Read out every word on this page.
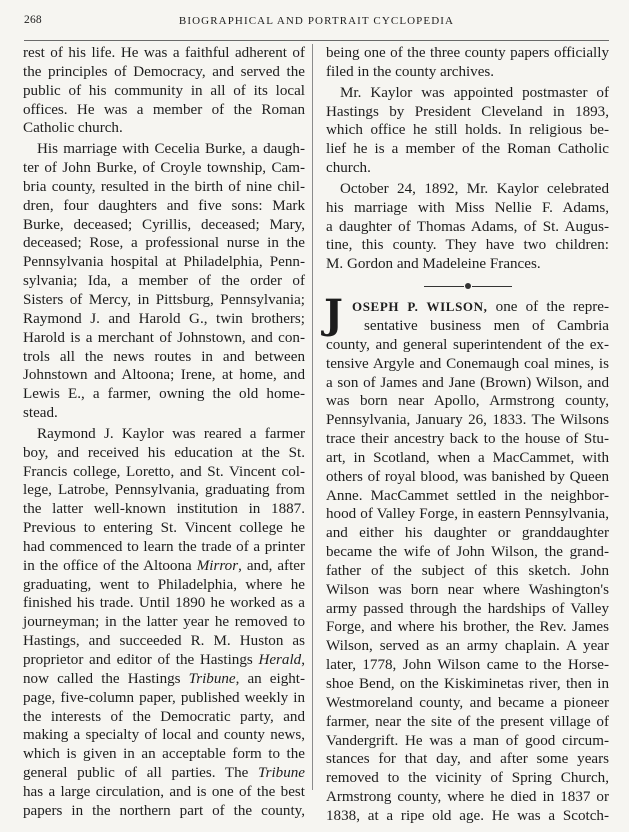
268	BIOGRAPHICAL AND PORTRAIT CYCLOPEDIA
rest of his life. He was a faithful adherent of
the principles of Democracy, and served the
public of his community in all of its local
offices. He was a member of the Roman
Catholic church.
His marriage with Cecelia Burke, a daugh-
ter of John Burke, of Croyle township, Cam-
bria county, resulted in the birth of nine chil-
dren, four daughters and five sons: Mark
Burke, deceased; Cyrillis, deceased; Mary,
deceased; Rose, a professional nurse in the
Pennsylvania hospital at Philadelphia, Penn-
sylvania; Ida, a member of the order of
Sisters of Mercy, in Pittsburg, Pennsylvania;
Raymond J. and Harold G., twin brothers;
Harold is a merchant of Johnstown, and con-
trols all the news routes in and between
Johnstown and Altoona; Irene, at home, and
Lewis E., a farmer, owning the old home-
stead.
Raymond J. Kaylor was reared a farmer
boy, and received his education at the St.
Francis college, Loretto, and St. Vincent col-
lege, Latrobe, Pennsylvania, graduating from
the latter well-known institution in 1887.
Previous to entering St. Vincent college he
had commenced to learn the trade of a printer
in the office of the Altoona Mirror, and, after
graduating, went to Philadelphia, where he
finished his trade. Until 1890 he worked as a
journeyman; in the latter year he removed to
Hastings, and succeeded R. M. Huston as
proprietor and editor of the Hastings Herald,
now called the Hastings Tribune, an eight-
page, five-column paper, published weekly in
the interests of the Democratic party, and
making a specialty of local and county news,
which is given in an acceptable form to the
general public of all parties. The Tribune
has a large circulation, and is one of the best
papers in the northern part of the county,
being one of the three county papers officially
filed in the county archives.
Mr. Kaylor was appointed postmaster of
Hastings by President Cleveland in 1893,
which office he still holds. In religious be-
lief he is a member of the Roman Catholic
church.
October 24, 1892, Mr. Kaylor celebrated
his marriage with Miss Nellie F. Adams,
a daughter of Thomas Adams, of St. Augus-
tine, this county. They have two children:
M. Gordon and Madeleine Frances.
J OSEPH P. WILSON, one of the repre-
sentative business men of Cambria
county, and general superintendent of the ex-
tensive Argyle and Conemaugh coal mines, is
a son of James and Jane (Brown) Wilson, and
was born near Apollo, Armstrong county,
Pennsylvania, January 26, 1833. The Wilsons
trace their ancestry back to the house of Stu-
art, in Scotland, when a MacCammet, with
others of royal blood, was banished by Queen
Anne. MacCammet settled in the neighbor-
hood of Valley Forge, in eastern Pennsylvania,
and either his daughter or granddaughter
became the wife of John Wilson, the grand-
father of the subject of this sketch. John
Wilson was born near where Washington's
army passed through the hardships of Valley
Forge, and where his brother, the Rev. James
Wilson, served as an army chaplain. A year
later, 1778, John Wilson came to the Horse-
shoe Bend, on the Kiskiminetas river, then in
Westmoreland county, and became a pioneer
farmer, near the site of the present village of
Vandergrift. He was a man of good circum-
stances for that day, and after some years
removed to the vicinity of Spring Church,
Armstrong county, where he died in 1837 or
1838, at a ripe old age. He was a Scotch-
